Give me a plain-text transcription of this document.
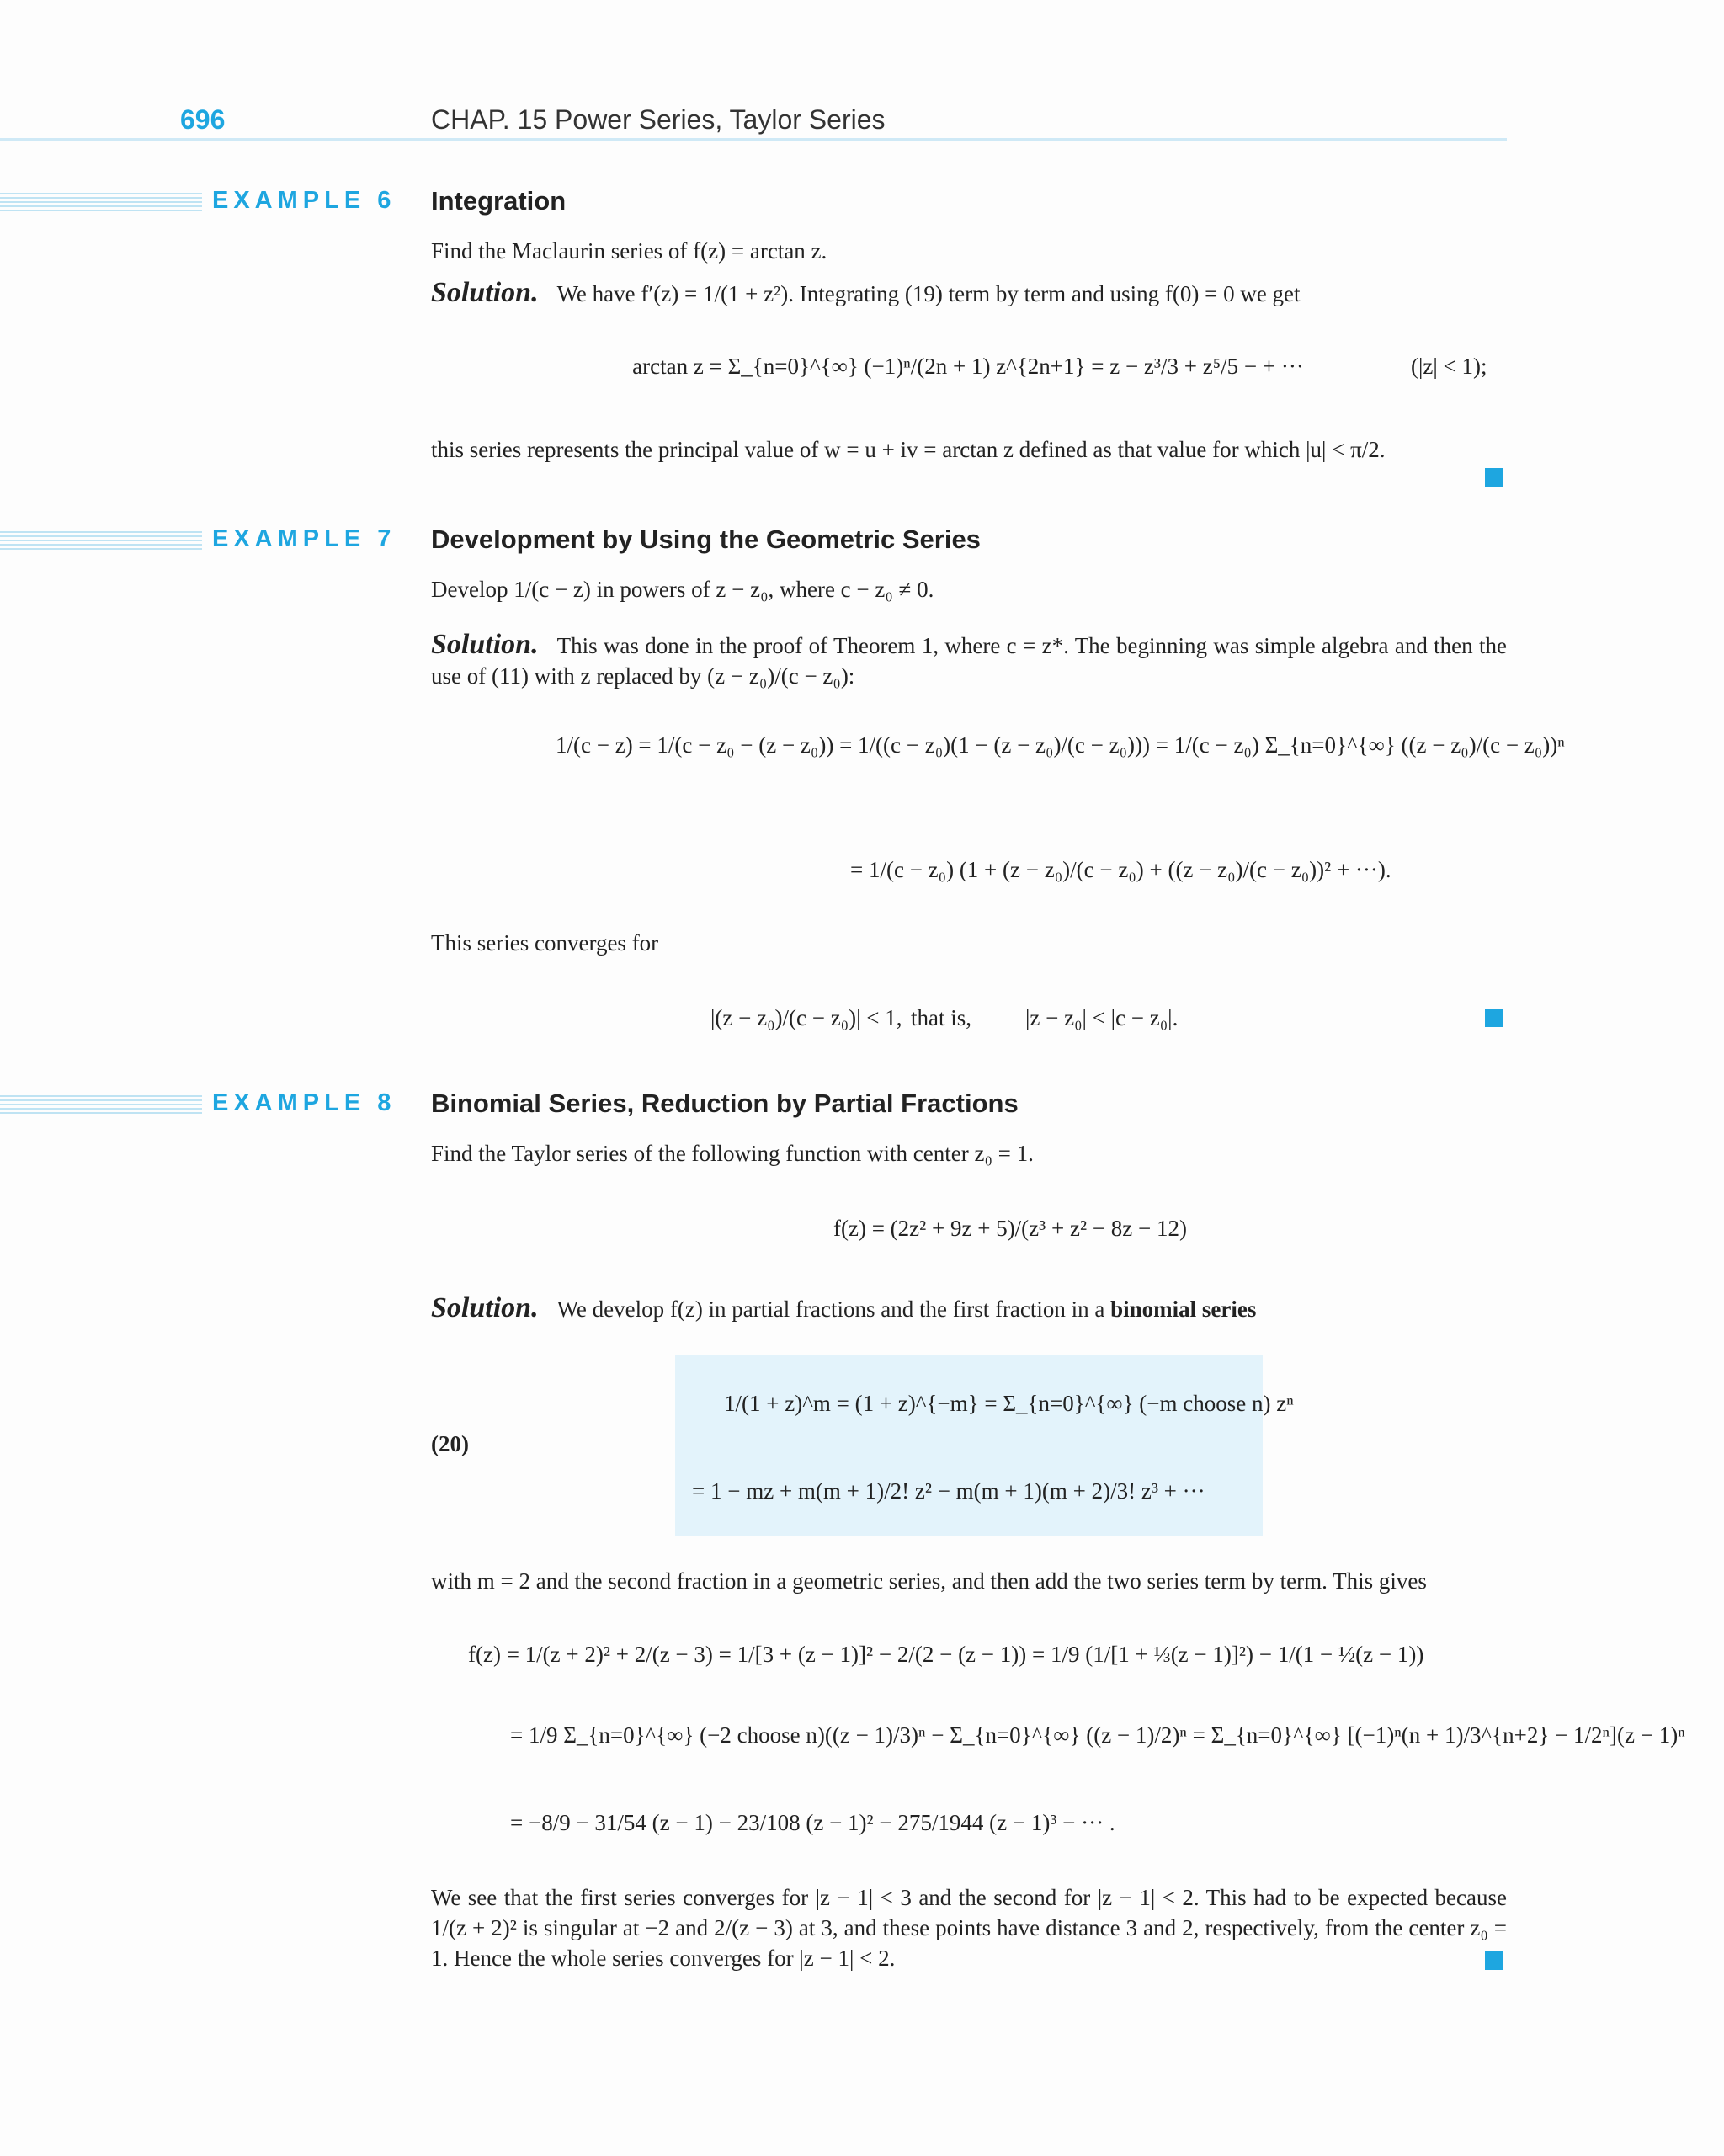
696	CHAP. 15 Power Series, Taylor Series
EXAMPLE 6 Integration
Find the Maclaurin series of f(z) = arctan z.
Solution. We have f′(z) = 1/(1 + z²). Integrating (19) term by term and using f(0) = 0 we get
arctan z = Σ_{n=0}^{∞} (−1)ⁿ/(2n + 1) z^{2n+1} = z − z³/3 + z⁵/5 − + ···	(|z| < 1);
this series represents the principal value of w = u + iv = arctan z defined as that value for which |u| < π/2.
EXAMPLE 7 Development by Using the Geometric Series
Develop 1/(c − z) in powers of z − z₀, where c − z₀ ≠ 0.
Solution. This was done in the proof of Theorem 1, where c = z*. The beginning was simple algebra and then the use of (11) with z replaced by (z − z₀)/(c − z₀):
1/(c − z) = 1/(c − z₀ − (z − z₀)) = 1/((c − z₀)(1 − (z − z₀)/(c − z₀))) = 1/(c − z₀) Σ_{n=0}^{∞} ((z − z₀)/(c − z₀))ⁿ
= 1/(c − z₀) (1 + (z − z₀)/(c − z₀) + ((z − z₀)/(c − z₀))² + ···).
This series converges for
|(z − z₀)/(c − z₀)| < 1, that is, |z − z₀| < |c − z₀|.
EXAMPLE 8 Binomial Series, Reduction by Partial Fractions
Find the Taylor series of the following function with center z₀ = 1.
f(z) = (2z² + 9z + 5)/(z³ + z² − 8z − 12)
Solution. We develop f(z) in partial fractions and the first fraction in a binomial series
(20)
1/(1 + z)^m = (1 + z)^{−m} = Σ_{n=0}^{∞} (−m choose n) zⁿ
= 1 − mz + m(m + 1)/2! z² − m(m + 1)(m + 2)/3! z³ + ···
with m = 2 and the second fraction in a geometric series, and then add the two series term by term. This gives
f(z) = 1/(z + 2)² + 2/(z − 3) = 1/[3 + (z − 1)]² − 2/(2 − (z − 1)) = 1/9 (1/[1 + ⅓(z − 1)]²) − 1/(1 − ½(z − 1))
= 1/9 Σ_{n=0}^{∞} (−2 choose n)((z − 1)/3)ⁿ − Σ_{n=0}^{∞} ((z − 1)/2)ⁿ = Σ_{n=0}^{∞} [(−1)ⁿ(n + 1)/3^{n+2} − 1/2ⁿ](z − 1)ⁿ
= −8/9 − 31/54 (z − 1) − 23/108 (z − 1)² − 275/1944 (z − 1)³ − ··· .
We see that the first series converges for |z − 1| < 3 and the second for |z − 1| < 2. This had to be expected because 1/(z + 2)² is singular at −2 and 2/(z − 3) at 3, and these points have distance 3 and 2, respectively, from the center z₀ = 1. Hence the whole series converges for |z − 1| < 2.
